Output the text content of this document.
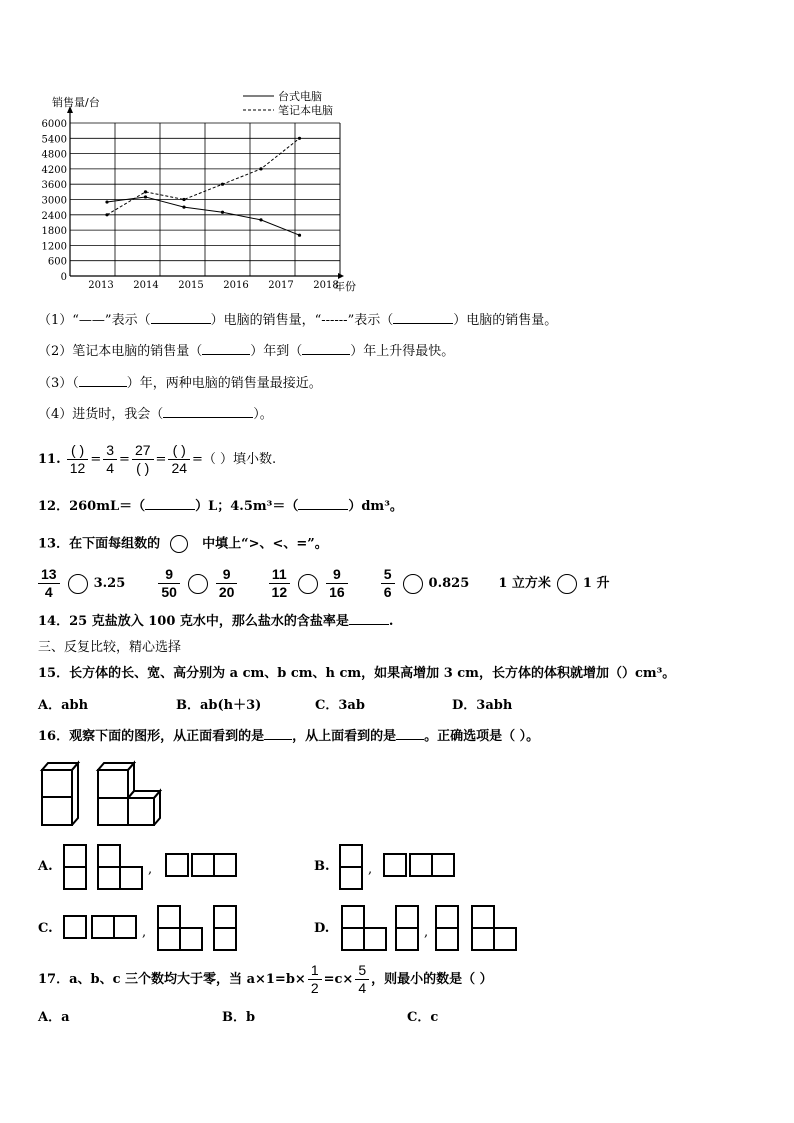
0
600
1200
1800
2400
3000
3600
4200
4800
5400
6000
2013 2014 2015 2016 2017 2018
销售量/台
年份
台式电脑
笔记本电脑
（1）“——”表示（	）电脑的销售量，“------”表示（	）电脑的销售量。
（2）笔记本电脑的销售量（	）年到（	）年上升得最快。
（3）（	）年，两种电脑的销售量最接近。
（4）进货时，我会（	）。
11. $\frac{( )}{12} = \frac{3}{4} = \frac{27}{( )} = \frac{( )}{24}$ =（ ）填小数.
12．260mL＝（	）L；4.5m³＝（	）dm³。
13．在下面每组数的	中填上“>、<、=”。
$\frac{13}{4}$	$3.25 \frac{9}{50}$	$\frac{9}{20}$
$\frac{11}{12}$	$\frac{9}{16}$
$\frac{5}{6}$	0.825 1 立方米 1 升
14．25 克盐放入 100 克水中，那么盐水的含盐率是	.
三、反复比较，精心选择
15．长方体的长、宽、高分别为 a cm、b cm、h cm，如果高增加 3 cm，长方体的体积就增加（）cm³。
A．abh	B．ab(h＋3)	C．3ab	D．3abh
16．观察下面的图形，从正面看到的是 ，从上面看到的是 。正确选项是（ ）。
A.	,	B.	,
C.	,	D.	,
17．a、b、c 三个数均大于零，当 $a\times 1=b\times \frac{1}{2} =c\times \frac{5}{4}$ ，则最小的数是（ ）
A．a	B．b	C．c
